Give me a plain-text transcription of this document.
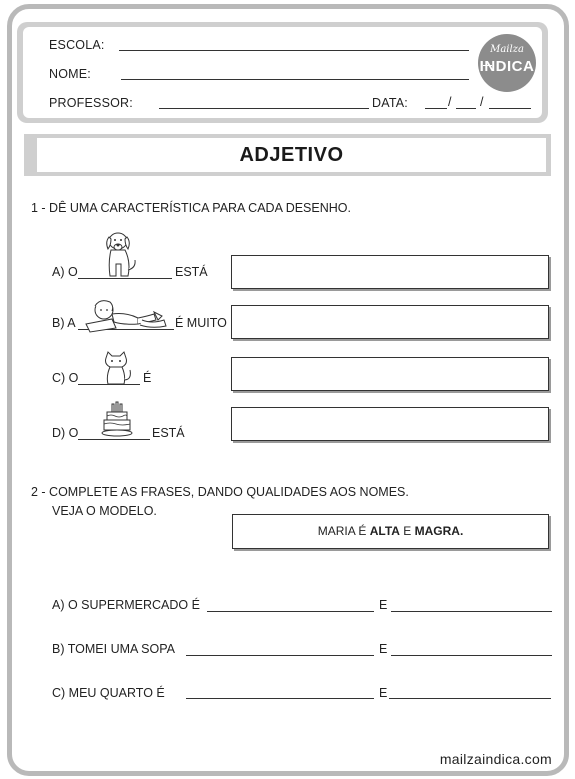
ESCOLA:
NOME:
PROFESSOR:	DATA:	/ /
Mailza
INDICA
ADJETIVO
1 - DÊ UMA CARACTERÍSTICA PARA CADA DESENHO.
A) O	ESTÁ
B) A	É MUITO
C) O	É
D) O	ESTÁ
2 - COMPLETE AS FRASES, DANDO QUALIDADES AOS NOMES.
VEJA O MODELO.
MARIA É ALTA E MAGRA.
A) O SUPERMERCADO É	E
B) TOMEI UMA SOPA	E
C) MEU QUARTO É	E
mailzaindica.com
